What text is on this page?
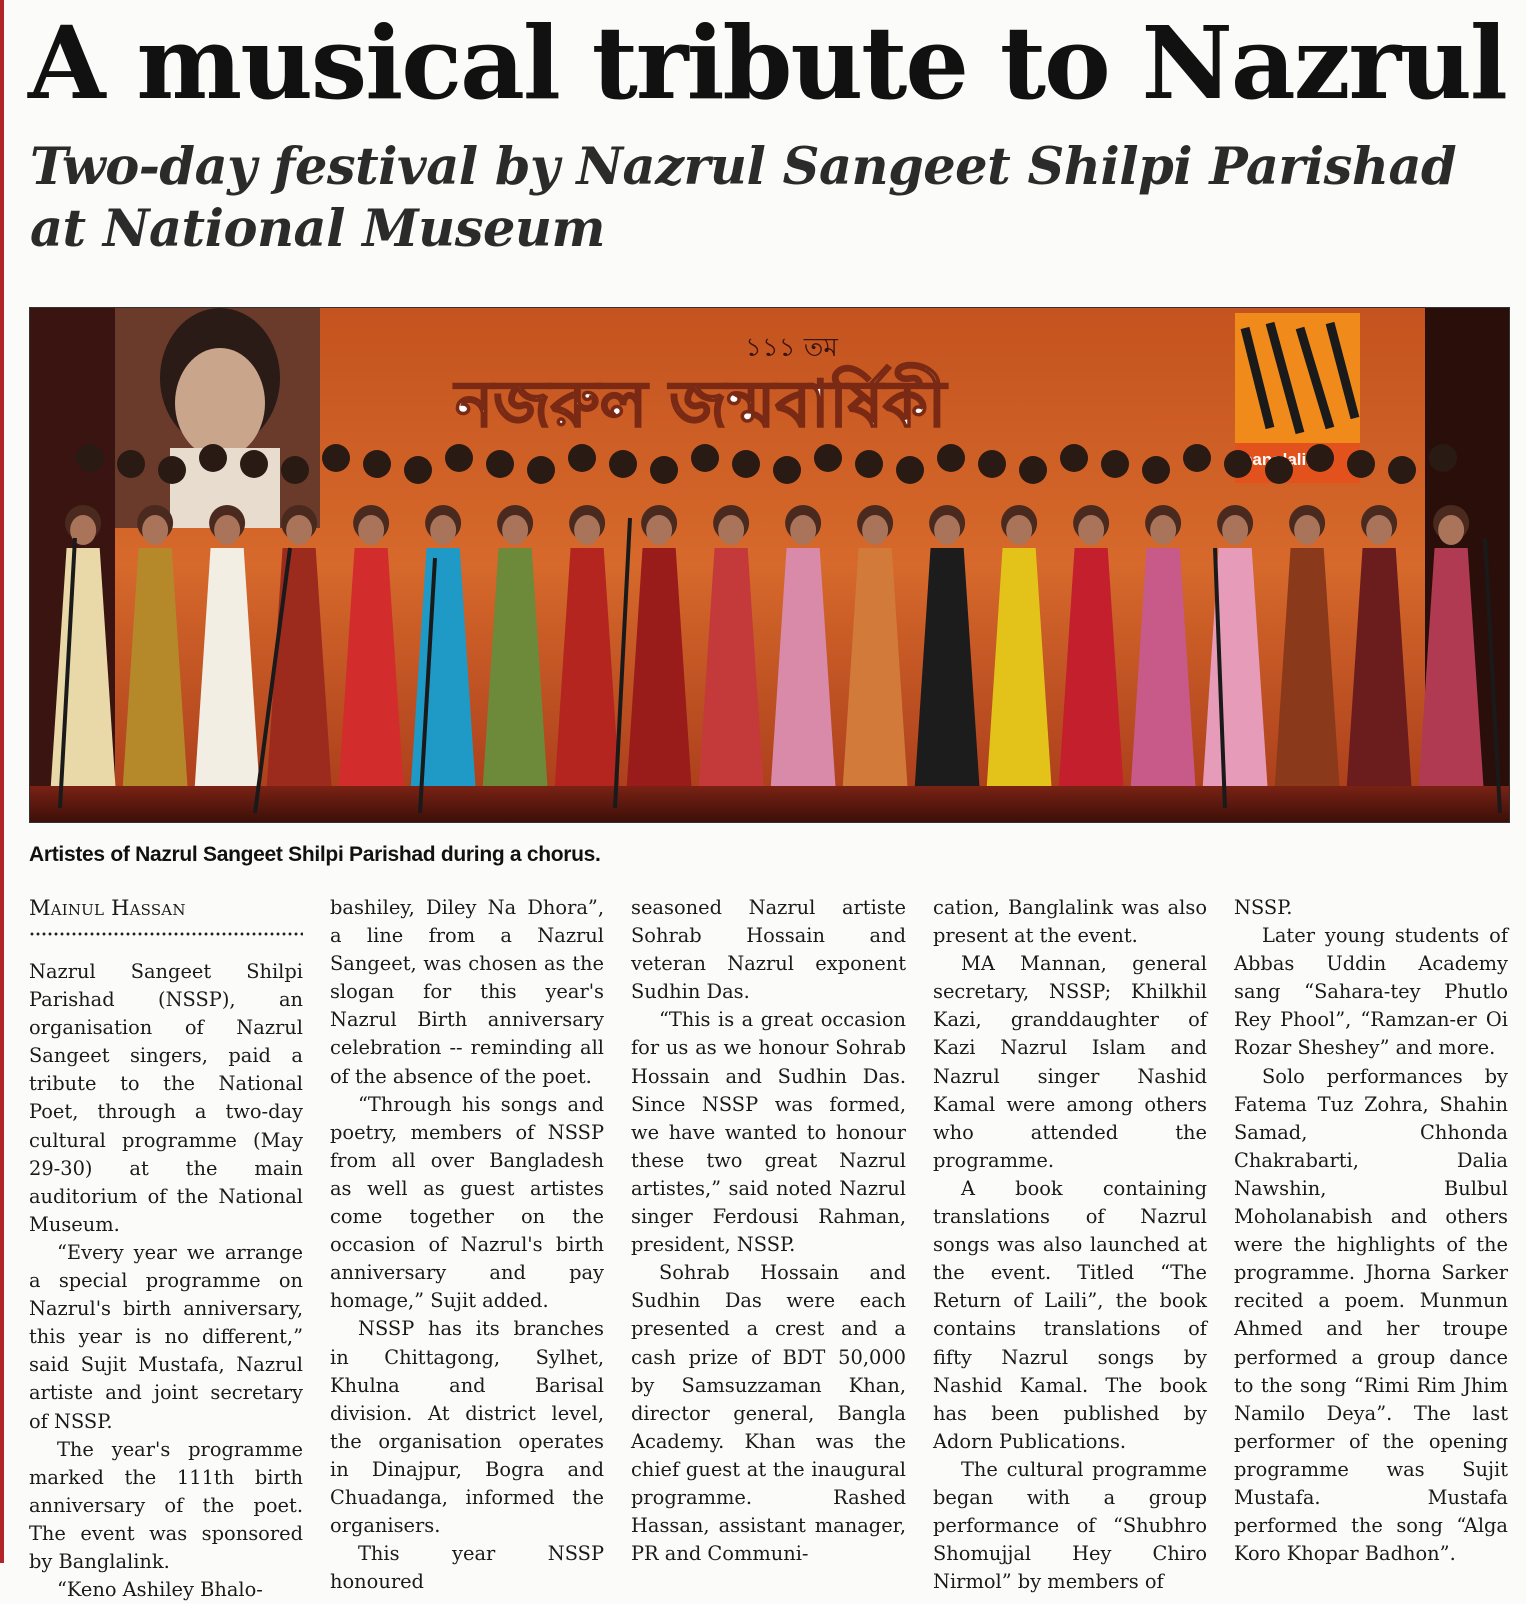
A musical tribute to Nazrul
Two-day festival by Nazrul Sangeet Shilpi Parishad at National Museum
১১১ তম
নজরুল জন্মবার্ষিকী

Artistes of Nazrul Sangeet Shilpi Parishad during a chorus.

Mainul Hassan

Nazrul Sangeet Shilpi Parishad (NSSP), an organisation of Nazrul Sangeet singers, paid a tribute to the National Poet, through a two-day cultural programme (May 29-30) at the main auditorium of the National Museum.

“Every year we arrange a special programme on Nazrul's birth anniversary, this year is no different,” said Sujit Mustafa, Nazrul artiste and joint secretary of NSSP.

The year's programme marked the 111th birth anniversary of the poet. The event was sponsored by Banglalink.

“Keno Ashiley Bhalo-

bashiley, Diley Na Dhora”, a line from a Nazrul Sangeet, was chosen as the slogan for this year's Nazrul Birth anniversary celebration -- reminding all of the absence of the poet.

“Through his songs and poetry, members of NSSP from all over Bangladesh as well as guest artistes come together on the occasion of Nazrul's birth anniversary and pay homage,” Sujit added.

NSSP has its branches in Chittagong, Sylhet, Khulna and Barisal division. At district level, the organisation operates in Dinajpur, Bogra and Chuadanga, informed the organisers.

This year NSSP honoured

seasoned Nazrul artiste Sohrab Hossain and veteran Nazrul exponent Sudhin Das.

“This is a great occasion for us as we honour Sohrab Hossain and Sudhin Das. Since NSSP was formed, we have wanted to honour these two great Nazrul artistes,” said noted Nazrul singer Ferdousi Rahman, president, NSSP.

Sohrab Hossain and Sudhin Das were each presented a crest and a cash prize of BDT 50,000 by Samsuzzaman Khan, director general, Bangla Academy. Khan was the chief guest at the inaugural programme. Rashed Hassan, assistant manager, PR and Communi-

cation, Banglalink was also present at the event.

MA Mannan, general secretary, NSSP; Khilkhil Kazi, granddaughter of Kazi Nazrul Islam and Nazrul singer Nashid Kamal were among others who attended the programme.

A book containing translations of Nazrul songs was also launched at the event. Titled “The Return of Laili”, the book contains translations of fifty Nazrul songs by Nashid Kamal. The book has been published by Adorn Publications.

The cultural programme began with a group performance of “Shubhro Shomujjal Hey Chiro Nirmol” by members of

NSSP.

Later young students of Abbas Uddin Academy sang “Sahara-tey Phutlo Rey Phool”, “Ramzan-er Oi Rozar Sheshey” and more.

Solo performances by Fatema Tuz Zohra, Shahin Samad, Chhonda Chakrabarti, Dalia Nawshin, Bulbul Moholanabish and others were the highlights of the programme. Jhorna Sarker recited a poem. Munmun Ahmed and her troupe performed a group dance to the song “Rimi Rim Jhim Namilo Deya”. The last performer of the opening programme was Sujit Mustafa. Mustafa performed the song “Alga Koro Khopar Badhon”.
